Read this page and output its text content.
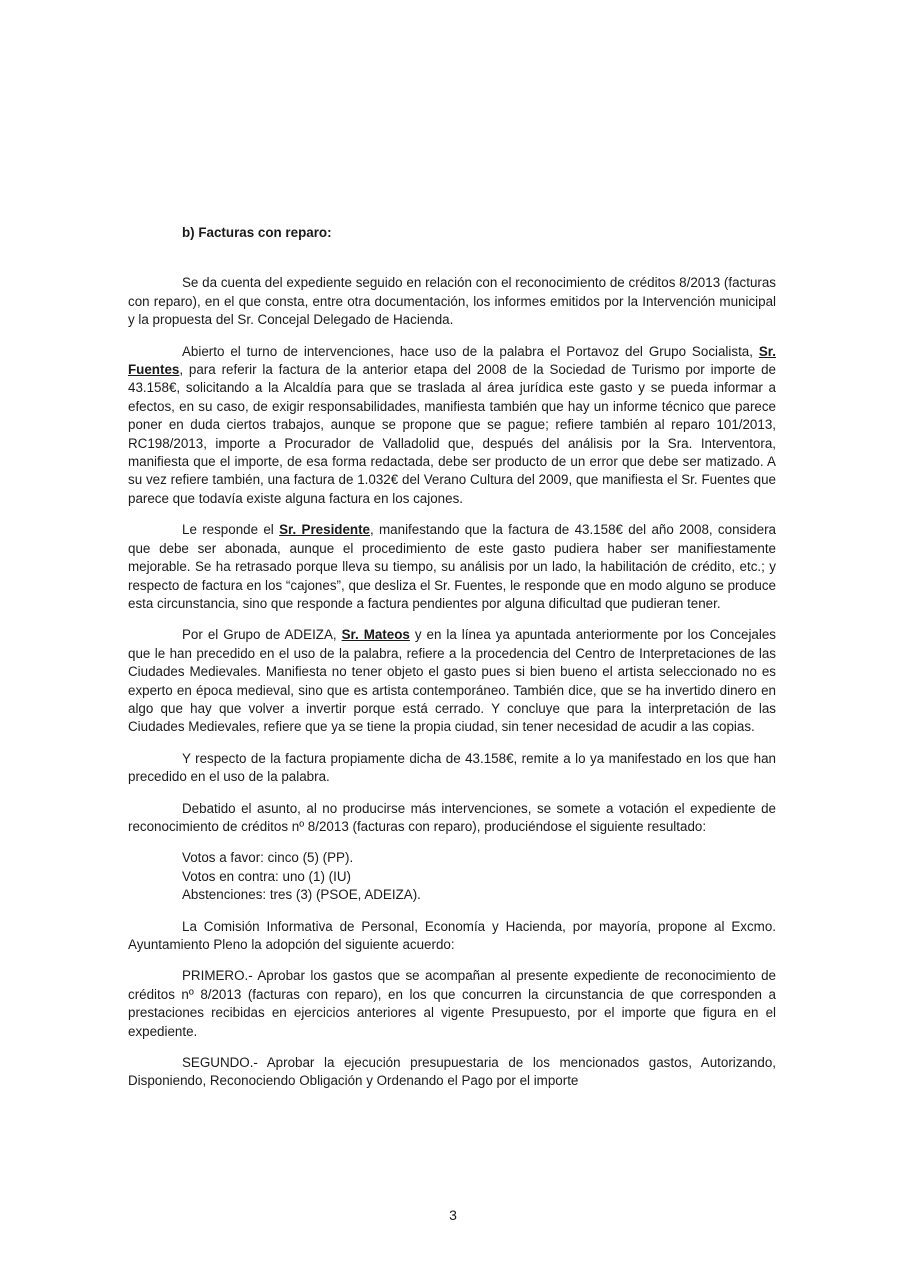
b) Facturas con reparo:

Se da cuenta del expediente seguido en relación con el reconocimiento de créditos 8/2013 (facturas con reparo), en el que consta, entre otra documentación, los informes emitidos por la Intervención municipal y la propuesta del Sr. Concejal Delegado de Hacienda.

Abierto el turno de intervenciones, hace uso de la palabra el Portavoz del Grupo Socialista, Sr. Fuentes, para referir la factura de la anterior etapa del 2008 de la Sociedad de Turismo por importe de 43.158€, solicitando a la Alcaldía para que se traslada al área jurídica este gasto y se pueda informar a efectos, en su caso, de exigir responsabilidades, manifiesta también que hay un informe técnico que parece poner en duda ciertos trabajos, aunque se propone que se pague; refiere también al reparo 101/2013, RC198/2013, importe a Procurador de Valladolid que, después del análisis por la Sra. Interventora, manifiesta que el importe, de esa forma redactada, debe ser producto de un error que debe ser matizado. A su vez refiere también, una factura de 1.032€ del Verano Cultura del 2009, que manifiesta el Sr. Fuentes que parece que todavía existe alguna factura en los cajones.

Le responde el Sr. Presidente, manifestando que la factura de 43.158€ del año 2008, considera que debe ser abonada, aunque el procedimiento de este gasto pudiera haber ser manifiestamente mejorable. Se ha retrasado porque lleva su tiempo, su análisis por un lado, la habilitación de crédito, etc.; y respecto de factura en los “cajones”, que desliza el Sr. Fuentes, le responde que en modo alguno se produce esta circunstancia, sino que responde a factura pendientes por alguna dificultad que pudieran tener.

Por el Grupo de ADEIZA, Sr. Mateos y en la línea ya apuntada anteriormente por los Concejales que le han precedido en el uso de la palabra, refiere a la procedencia del Centro de Interpretaciones de las Ciudades Medievales. Manifiesta no tener objeto el gasto pues si bien bueno el artista seleccionado no es experto en época medieval, sino que es artista contemporáneo. También dice, que se ha invertido dinero en algo que hay que volver a invertir porque está cerrado. Y concluye que para la interpretación de las Ciudades Medievales, refiere que ya se tiene la propia ciudad, sin tener necesidad de acudir a las copias.

Y respecto de la factura propiamente dicha de 43.158€, remite a lo ya manifestado en los que han precedido en el uso de la palabra.

Debatido el asunto, al no producirse más intervenciones, se somete a votación el expediente de reconocimiento de créditos nº 8/2013 (facturas con reparo), produciéndose el siguiente resultado:

Votos a favor: cinco (5) (PP).
Votos en contra: uno (1) (IU)
Abstenciones: tres (3) (PSOE, ADEIZA).

La Comisión Informativa de Personal, Economía y Hacienda, por mayoría, propone al Excmo. Ayuntamiento Pleno la adopción del siguiente acuerdo:

PRIMERO.- Aprobar los gastos que se acompañan al presente expediente de reconocimiento de créditos nº 8/2013 (facturas con reparo), en los que concurren la circunstancia de que corresponden a prestaciones recibidas en ejercicios anteriores al vigente Presupuesto, por el importe que figura en el expediente.

SEGUNDO.- Aprobar la ejecución presupuestaria de los mencionados gastos, Autorizando, Disponiendo, Reconociendo Obligación y Ordenando el Pago por el importe

3
